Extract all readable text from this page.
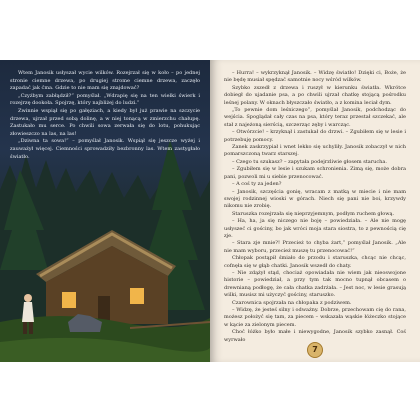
Wtem Janosik usłyszał wycie wilków. Rozejrzał się w koło – po jednej stronie ciemne drzewa, po drugiej strome ciemne drzewa, zaczęło zapadać jak ćma. Gdzie to nie mam się znajdować?

„Czyżbym zabłądził?” pomyślał. „Wdrapię się na ten wielki świerk i rozejrzę dookoła. Spojrzę, który najbliżej do ludzi.”

Zwinnie wspiął się po gałęziach, a kiedy był już prawie na szczycie drzewa, ujrzał przed sobą dolinę, a w niej tonącą w zmierzchu chałupę. Zastukało mu serce. Po chwili sowa zerwała się do lotu, pohukując złowieszczo na las, na las!

„Dziwna ta sowa!” – pomyślał Janosik. Wspiął się jeszcze wyżej i zauważył więcej. Ciemności sprowadziły bezbronny las. Wtem zastygłało światło.

– Hurra! – wykrzyknął Janosik. – Widzę światło! Dzięki ci, Boże, że nie będę musiał spędzać samotnie nocy wśród wilków.

Szybko zszedł z drzewa i ruszył w kierunku światła. Wkrótce dobiegł do ujadanie psa, a po chwili ujrzał chatkę stojącą pośrodku leśnej polany. W oknach błyszczało światło, a z komina leciał dym.

„To pewnie dom leśniczego”, pomyślał Janosik, podchodząc do wejścia. Spoglądał cały czas na psa, który teraz przestał szczekać, ale stał z najeżoną sierścią, szczerząc zęby i warcząc.

– Otwórzcie! – krzyknął i zastukał do drzwi. – Zgubiłem się w lesie i potrzebuję pomocy.

Zanek zaskrzypiał i wnet lekko się uchyliły. Janosik zobaczył w nich pomarszczoną twarz starszej.

– Czego tu szukasz? – zapytała podejrzliwie głosem starucha.

– Zgubiłem się w lesie i szukam schronienia. Zimą się, może dobra pani, pozwoli mi u siebie przenocować.

– A coś ty za jeden?

– Janosik, szczęścia gonię, wracam z matką w miecie i nie mam swojej rodzinnej wioski w górach. Niech się pani nie boi, krzywdy nikomu nie zrobię.

Staruszka rozejrzała się nieprzyjemnym, podłym ruchem głową.

– Ha, ha, ja się niczego nie boję – powiedziała. – Ale nie mogę usłyszeć ci gościny, bo jak wróci moja stara siostra, to z pewnością cię zje.

– Stara zje mnie?! Przecież to chyba żart,” pomyślał Janosik. „Ale nie mam wyboru, przecież muszę tu przenocować!”

Chłopak postąpił śmiało do przodu i staruszka, chcąc nie chcąc, cofnęła się w głąb chatki. Janosik wszedł do chaty.

– Nie zdążył stąd, chociaż opowiadała nie wiem jak nieoswojone historie – powiedział, a przy tym tak mocno tupnął obcasem o drewnianą podłogę, że cała chatka zadrżała. – Jest noc, w lesie grasują wilki, musisz mi użyczyć gościny, staruszko.

Czarownica spojrzała na chłopaka z podziwem.

– Widzę, że jesteś silny i odważny. Dobrze, przechowam cię do rana, możesz położyć się tam, za piecem – wskazała wąskie łóżeczko stojące w kącie za zielonym piecem.

Choć łóżko było małe i niewygodne, Janosik szybko zasnął. Coś wyrwało

7
